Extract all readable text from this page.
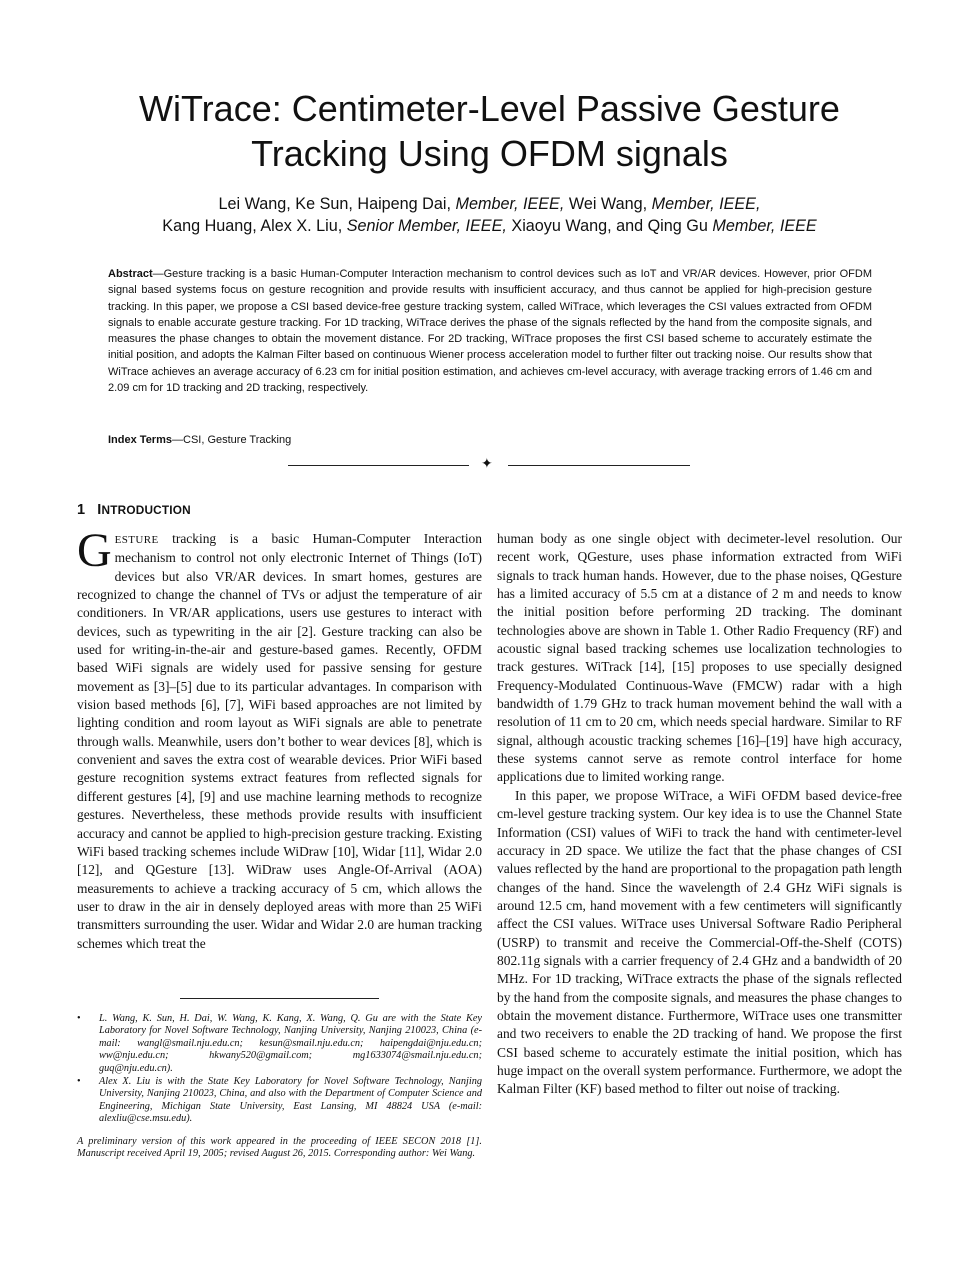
WiTrace: Centimeter-Level Passive Gesture
Tracking Using OFDM signals
Lei Wang, Ke Sun, Haipeng Dai, Member, IEEE, Wei Wang, Member, IEEE,
Kang Huang, Alex X. Liu, Senior Member, IEEE, Xiaoyu Wang, and Qing Gu Member, IEEE

Abstract—Gesture tracking is a basic Human-Computer Interaction mechanism to control devices such as IoT and VR/AR devices. However, prior OFDM signal based systems focus on gesture recognition and provide results with insufficient accuracy, and thus cannot be applied for high-precision gesture tracking. In this paper, we propose a CSI based device-free gesture tracking system, called WiTrace, which leverages the CSI values extracted from OFDM signals to enable accurate gesture tracking. For 1D tracking, WiTrace derives the phase of the signals reflected by the hand from the composite signals, and measures the phase changes to obtain the movement distance. For 2D tracking, WiTrace proposes the first CSI based scheme to accurately estimate the initial position, and adopts the Kalman Filter based on continuous Wiener process acceleration model to further filter out tracking noise. Our results show that WiTrace achieves an average accuracy of 6.23 cm for initial position estimation, and achieves cm-level accuracy, with average tracking errors of 1.46 cm and 2.09 cm for 1D tracking and 2D tracking, respectively.

Index Terms—CSI, Gesture Tracking

✦
1 INTRODUCTION

GESTURE tracking is a basic Human-Computer Interaction mechanism to control not only electronic Internet of Things (IoT) devices but also VR/AR devices. In smart homes, gestures are recognized to change the channel of TVs or adjust the temperature of air conditioners. In VR/AR applications, users use gestures to interact with devices, such as typewriting in the air [2]. Gesture tracking can also be used for writing-in-the-air and gesture-based games. Recently, OFDM based WiFi signals are widely used for passive sensing for gesture movement as [3]–[5] due to its particular advantages. In comparison with vision based methods [6], [7], WiFi based approaches are not limited by lighting condition and room layout as WiFi signals are able to penetrate through walls. Meanwhile, users don’t bother to wear devices [8], which is convenient and saves the extra cost of wearable devices. Prior WiFi based gesture recognition systems extract features from reflected signals for different gestures [4], [9] and use machine learning methods to recognize gestures. Nevertheless, these methods provide results with insufficient accuracy and cannot be applied to high-precision gesture tracking. Existing WiFi based tracking schemes include WiDraw [10], Widar [11], Widar 2.0 [12], and QGesture [13]. WiDraw uses Angle-Of-Arrival (AOA) measurements to achieve a tracking accuracy of 5 cm, which allows the user to draw in the air in densely deployed areas with more than 25 WiFi transmitters surrounding the user. Widar and Widar 2.0 are human tracking schemes which treat the

human body as one single object with decimeter-level resolution. Our recent work, QGesture, uses phase information extracted from WiFi signals to track human hands. However, due to the phase noises, QGesture has a limited accuracy of 5.5 cm at a distance of 2 m and needs to know the initial position before performing 2D tracking. The dominant technologies above are shown in Table 1. Other Radio Frequency (RF) and acoustic signal based tracking schemes use localization technologies to track gestures. WiTrack [14], [15] proposes to use specially designed Frequency-Modulated Continuous-Wave (FMCW) radar with a high bandwidth of 1.79 GHz to track human movement behind the wall with a resolution of 11 cm to 20 cm, which needs special hardware. Similar to RF signal, although acoustic tracking schemes [16]–[19] have high accuracy, these systems cannot serve as remote control interface for home applications due to limited working range.

In this paper, we propose WiTrace, a WiFi OFDM based device-free cm-level gesture tracking system. Our key idea is to use the Channel State Information (CSI) values of WiFi to track the hand with centimeter-level accuracy in 2D space. We utilize the fact that the phase changes of CSI values reflected by the hand are proportional to the propagation path length changes of the hand. Since the wavelength of 2.4 GHz WiFi signals is around 12.5 cm, hand movement with a few centimeters will significantly affect the CSI values. WiTrace uses Universal Software Radio Peripheral (USRP) to transmit and receive the Commercial-Off-the-Shelf (COTS) 802.11g signals with a carrier frequency of 2.4 GHz and a bandwidth of 20 MHz. For 1D tracking, WiTrace extracts the phase of the signals reflected by the hand from the composite signals, and measures the phase changes to obtain the movement distance. Furthermore, WiTrace uses one transmitter and two receivers to enable the 2D tracking of hand. We propose the first CSI based scheme to accurately estimate the initial position, which has huge impact on the overall system performance. Furthermore, we adopt the Kalman Filter (KF) based method to filter out noise of tracking.

• L. Wang, K. Sun, H. Dai, W. Wang, K. Kang, X. Wang, Q. Gu are with the State Key Laboratory for Novel Software Technology, Nanjing University, Nanjing 210023, China (e-mail: wangl@smail.nju.edu.cn; kesun@smail.nju.edu.cn; haipengdai@nju.edu.cn; ww@nju.edu.cn; hkwany520@gmail.com; mg1633074@smail.nju.edu.cn; guq@nju.edu.cn).

• Alex X. Liu is with the State Key Laboratory for Novel Software Technology, Nanjing University, Nanjing 210023, China, and also with the Department of Computer Science and Engineering, Michigan State University, East Lansing, MI 48824 USA (e-mail: alexliu@cse.msu.edu).

A preliminary version of this work appeared in the proceeding of IEEE SECON 2018 [1]. Manuscript received April 19, 2005; revised August 26, 2015. Corresponding author: Wei Wang.
